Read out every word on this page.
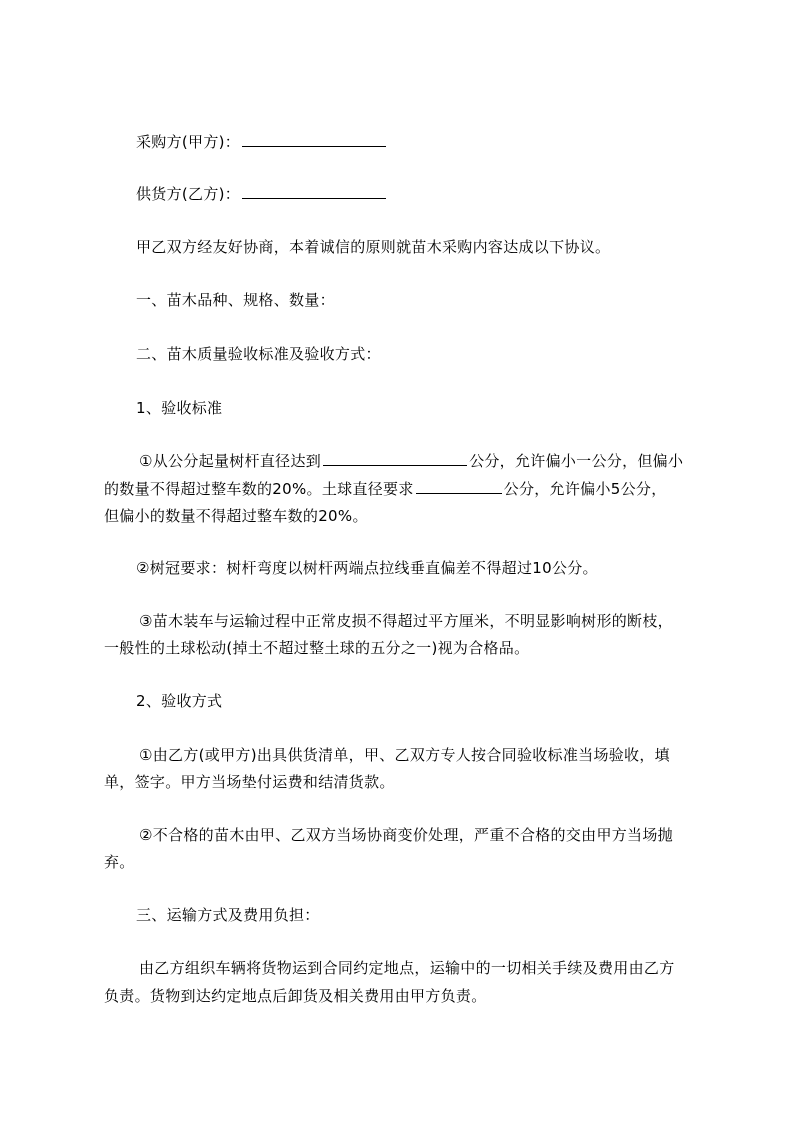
采购方(甲方)：
供货方(乙方)：
甲乙双方经友好协商，本着诚信的原则就苗木采购内容达成以下协议。
一、苗木品种、规格、数量：
二、苗木质量验收标准及验收方式：
1、验收标准
①从公分起量树杆直径达到	公分，允许偏小一公分，但偏小
的数量不得超过整车数的20%。土球直径要求	公分，允许偏小5公分，
但偏小的数量不得超过整车数的20%。
②树冠要求：树杆弯度以树杆两端点拉线垂直偏差不得超过10公分。
③苗木装车与运输过程中正常皮损不得超过平方厘米，不明显影响树形的断枝，
一般性的土球松动(掉土不超过整土球的五分之一)视为合格品。
2、验收方式
①由乙方(或甲方)出具供货清单，甲、乙双方专人按合同验收标准当场验收，填
单，签字。甲方当场垫付运费和结清货款。
②不合格的苗木由甲、乙双方当场协商变价处理，严重不合格的交由甲方当场抛
弃。
三、运输方式及费用负担：
由乙方组织车辆将货物运到合同约定地点，运输中的一切相关手续及费用由乙方
负责。货物到达约定地点后卸货及相关费用由甲方负责。
